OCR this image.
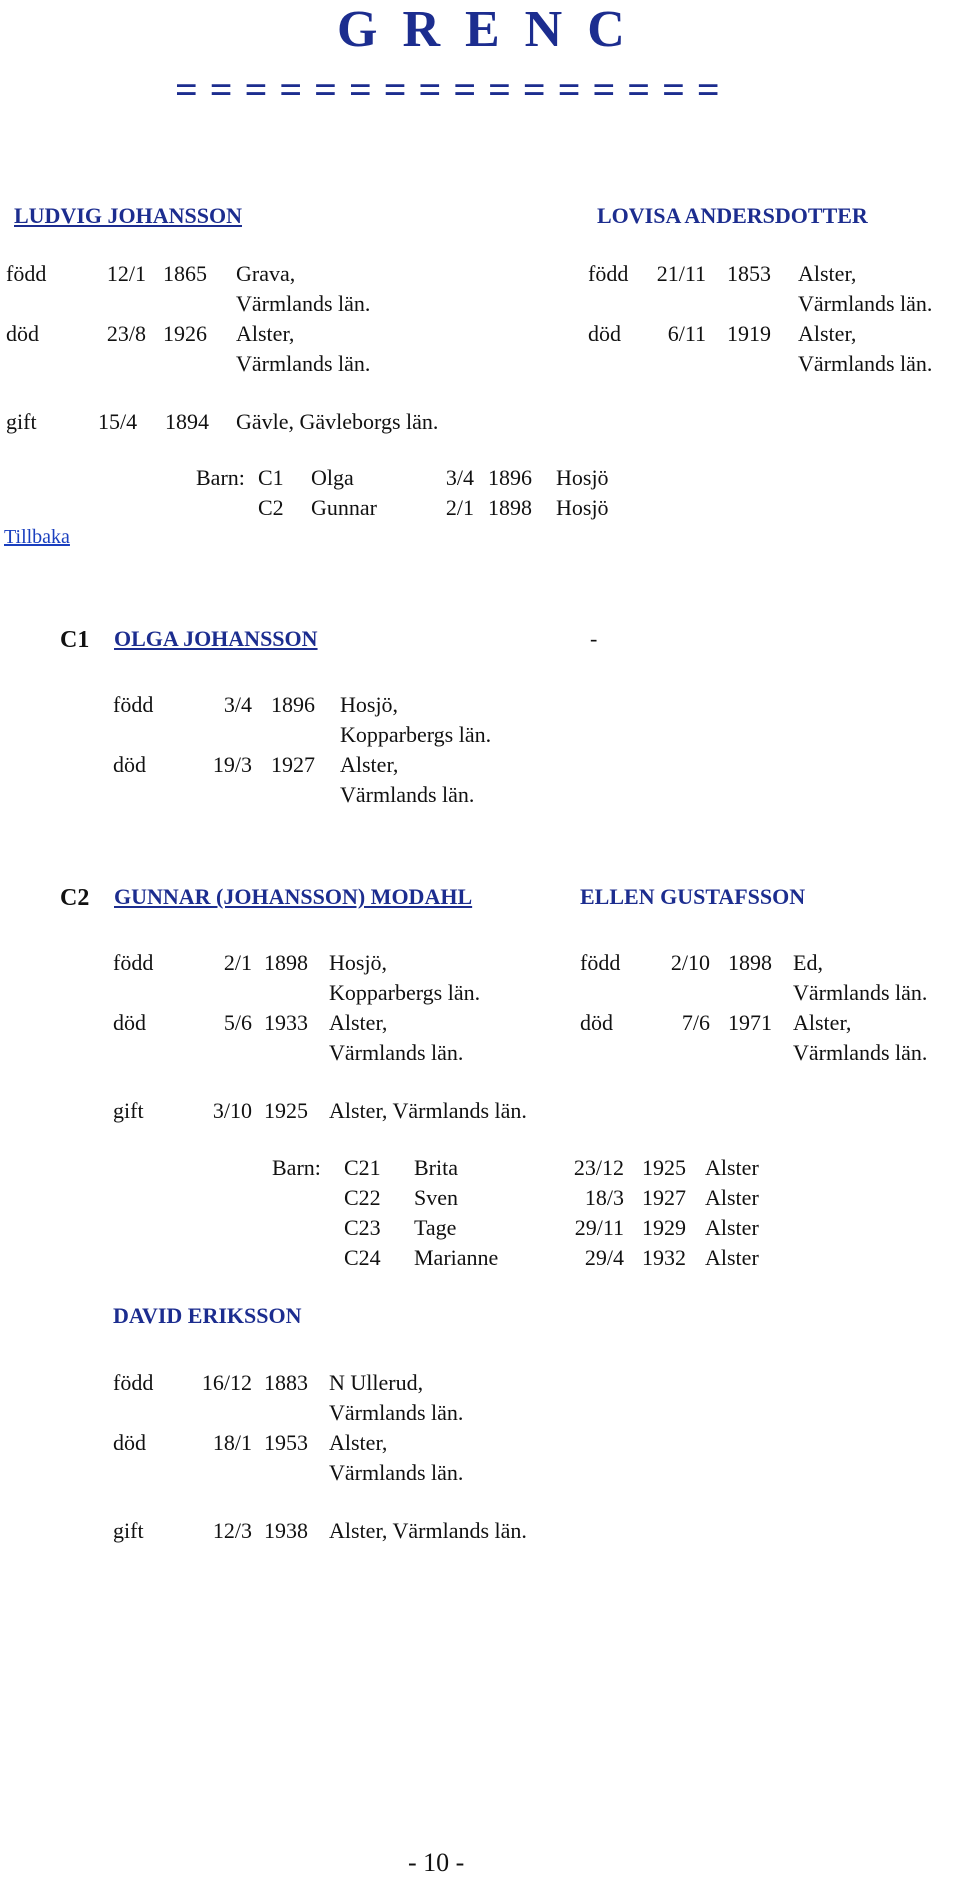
G R E N C
= = = = = = = = = = = = = = = =
LUDVIG JOHANSSON	LOVISA ANDERSDOTTER
född	12/1 1865 Grava,
Värmlands län.
död	23/8 1926 Alster,
Värmlands län.
född	21/11 1853 Alster,
Värmlands län.
död	6/11 1919 Alster,
Värmlands län.
gift	15/4 1894 Gävle, Gävleborgs län.
Barn: C1 Olga	3/4 1896 Hosjö
C2 Gunnar	2/1 1898 Hosjö
Tillbaka
C1 OLGA JOHANSSON	-
född	3/4 1896 Hosjö,
Kopparbergs län.
död	19/3 1927 Alster,
Värmlands län.
C2 GUNNAR (JOHANSSON) MODAHL	ELLEN GUSTAFSSON
född	2/1 1898 Hosjö,
Kopparbergs län.
död	5/6 1933 Alster,
Värmlands län.
född	2/10 1898 Ed,
Värmlands län.
död	7/6 1971 Alster,
Värmlands län.
gift	3/10 1925 Alster, Värmlands län.
Barn: C21 Brita	23/12 1925 Alster
C22 Sven	18/3 1927 Alster
C23 Tage	29/11 1929 Alster
C24 Marianne	29/4 1932 Alster
DAVID ERIKSSON
född	16/12 1883 N Ullerud,
Värmlands län.
död	18/1 1953 Alster,
Värmlands län.
gift	12/3 1938 Alster, Värmlands län.
- 10 -
